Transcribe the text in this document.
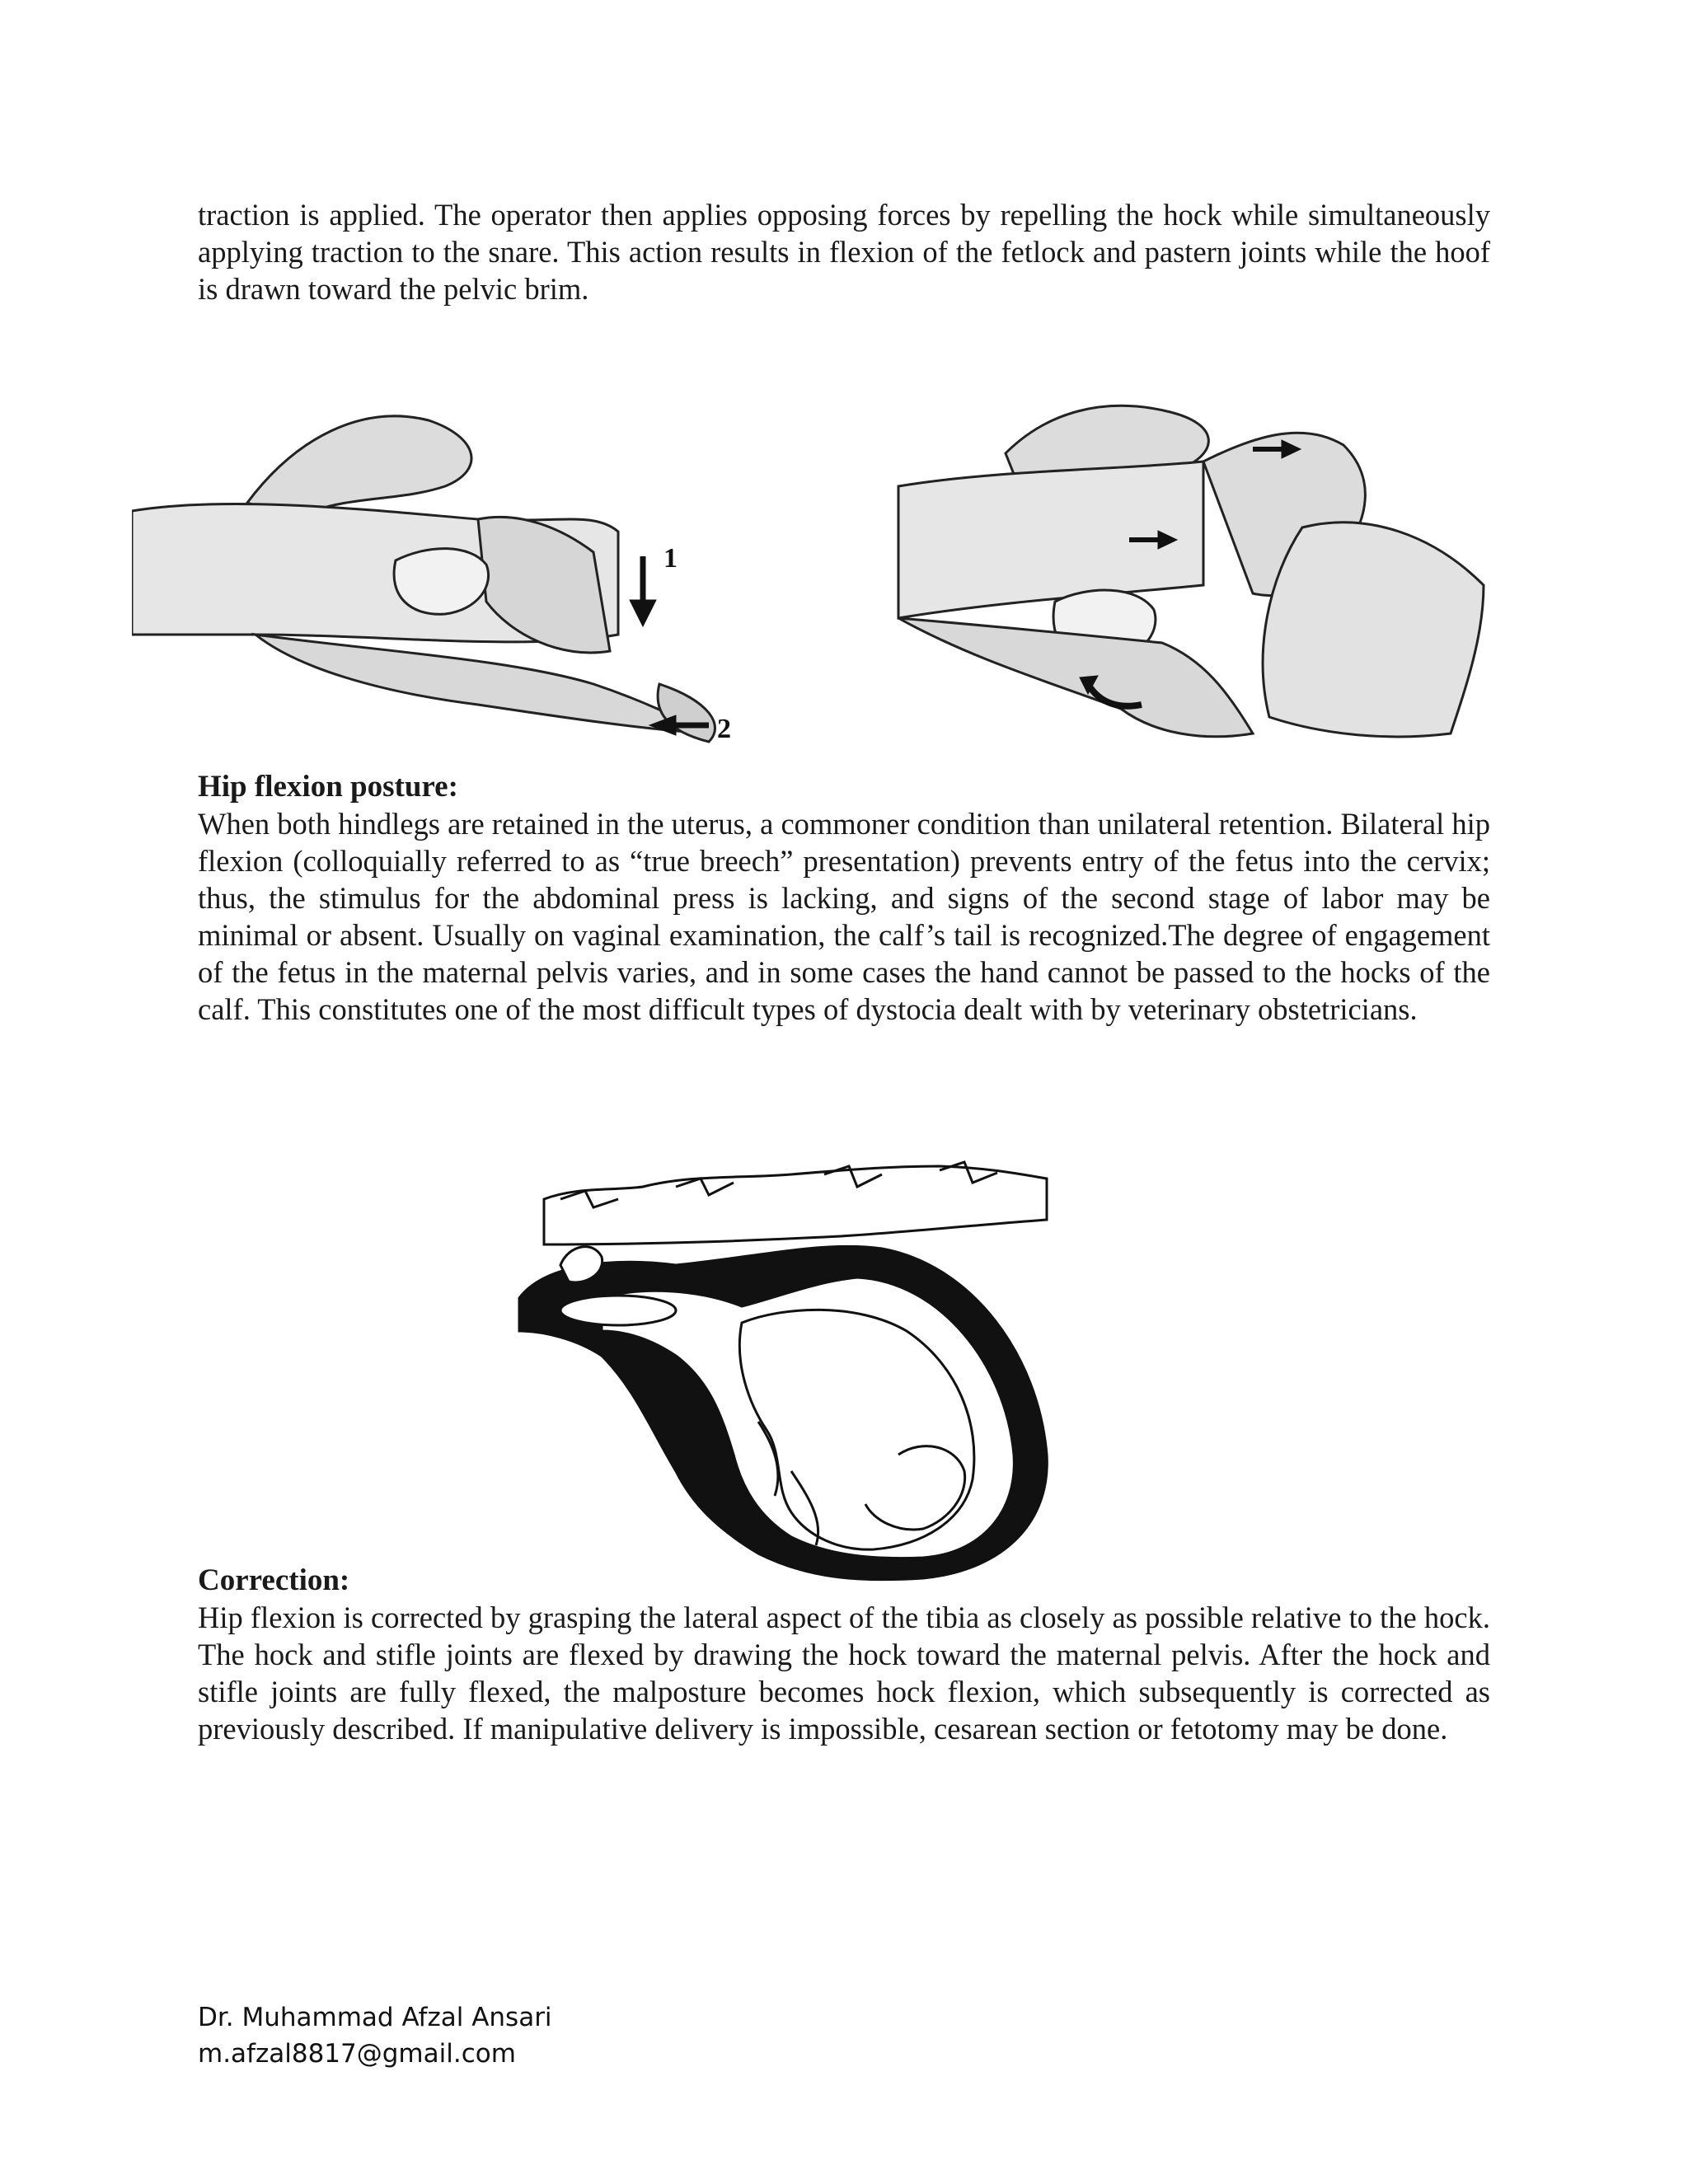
traction is applied. The operator then applies opposing forces by repelling the hock while simultaneously applying traction to the snare. This action results in flexion of the fetlock and pastern joints while the hoof is drawn toward the pelvic brim.

1
2
Hip flexion posture:

When both hindlegs are retained in the uterus, a commoner condition than unilateral retention. Bilateral hip flexion (colloquially referred to as “true breech” presentation) prevents entry of the fetus into the cervix; thus, the stimulus for the abdominal press is lacking, and signs of the second stage of labor may be minimal or absent. Usually on vaginal examination, the calf’s tail is recognized.The degree of engagement of the fetus in the maternal pelvis varies, and in some cases the hand cannot be passed to the hocks of the calf. This constitutes one of the most difficult types of dystocia dealt with by veterinary obstetricians.

Correction:

Hip flexion is corrected by grasping the lateral aspect of the tibia as closely as possible relative to the hock. The hock and stifle joints are flexed by drawing the hock toward the maternal pelvis. After the hock and stifle joints are fully flexed, the malposture becomes hock flexion, which subsequently is corrected as previously described. If manipulative delivery is impossible, cesarean section or fetotomy may be done.

Dr. Muhammad Afzal Ansari
m.afzal8817@gmail.com
